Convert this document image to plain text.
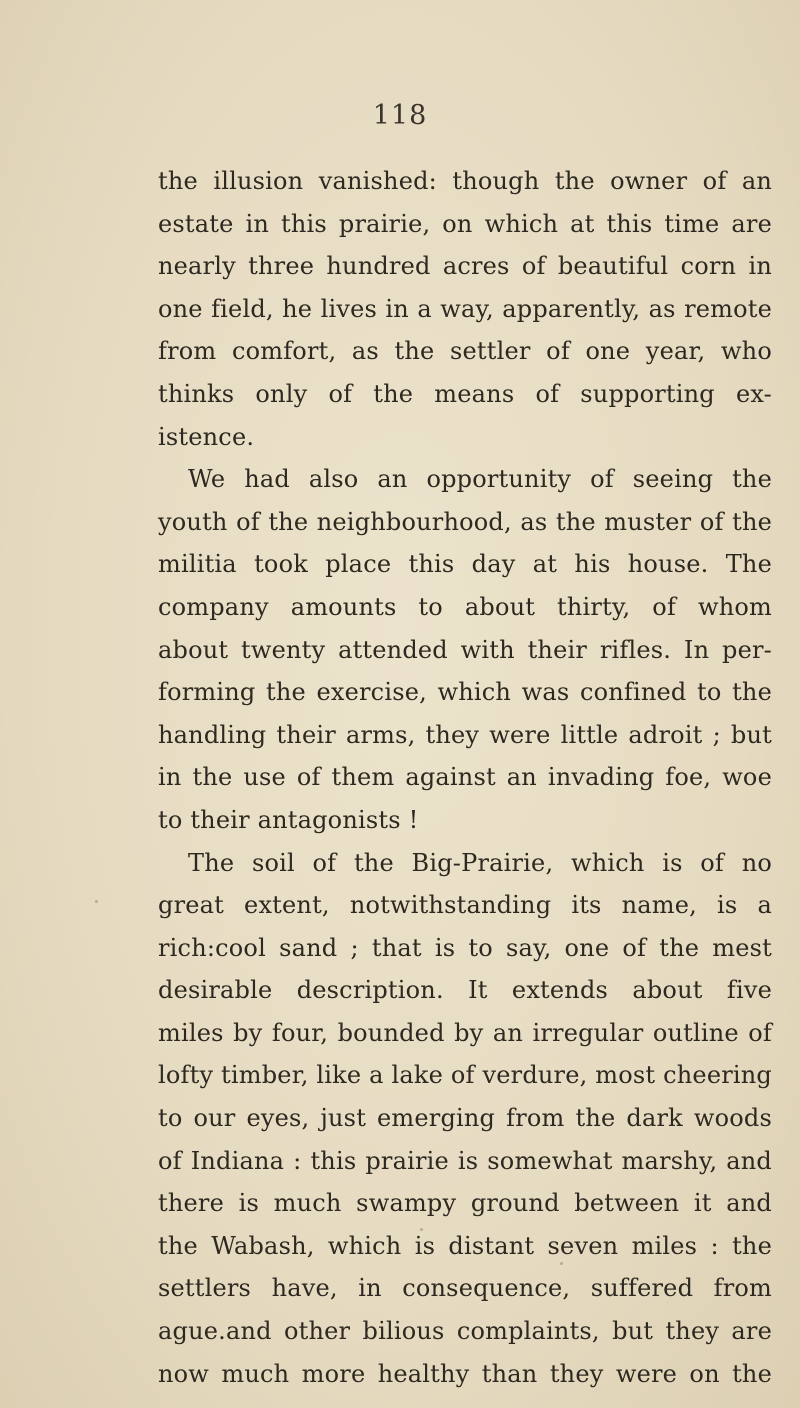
118
the illusion vanished: though the owner of an
estate in this prairie, on which at this time are
nearly three hundred acres of beautiful corn in
one field, he lives in a way, apparently, as remote
from comfort, as the settler of one year, who
thinks only of the means of supporting ex-
istence.
We had also an opportunity of seeing the
youth of the neighbourhood, as the muster of the
militia took place this day at his house. The
company amounts to about thirty, of whom
about twenty attended with their rifles. In per-
forming the exercise, which was confined to the
handling their arms, they were little adroit ; but
in the use of them against an invading foe, woe
to their antagonists !
The soil of the Big-Prairie, which is of no
great extent, notwithstanding its name, is a
rich:cool sand ; that is to say, one of the mest
desirable description. It extends about five
miles by four, bounded by an irregular outline of
lofty timber, like a lake of verdure, most cheering
to our eyes, just emerging from the dark woods
of Indiana : this prairie is somewhat marshy, and
there is much swampy ground between it and
the Wabash, which is distant seven miles : the
settlers have, in consequence, suffered from
ague.and other bilious complaints, but they are
now much more healthy than they were on the
